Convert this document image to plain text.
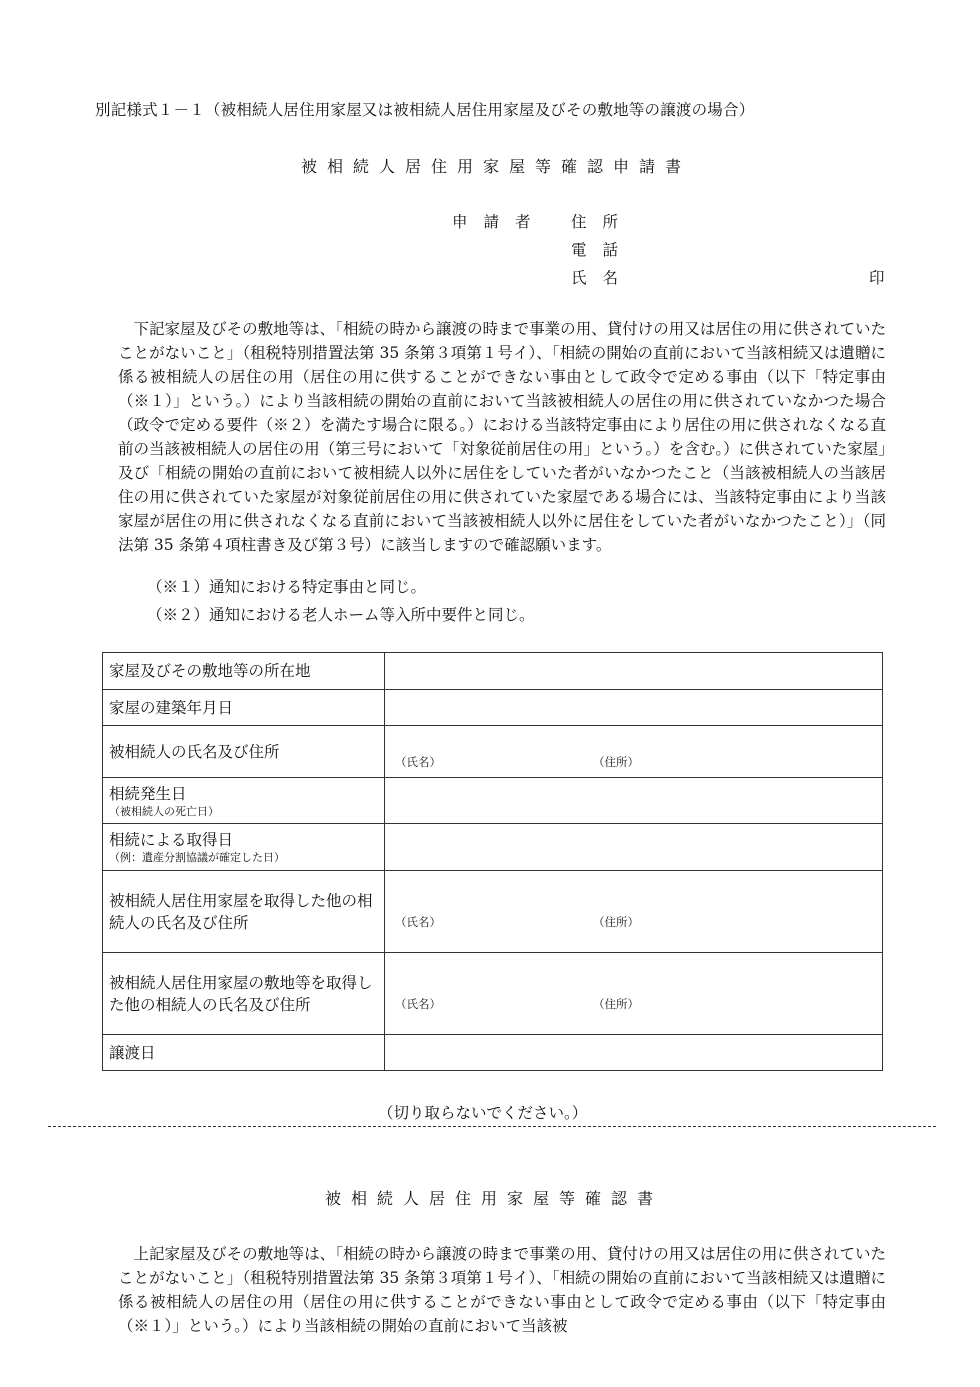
別記様式１－１（被相続人居住用家屋又は被相続人居住用家屋及びその敷地等の譲渡の場合）
被相続人居住用家屋等確認申請書
申請者 住所
電話
氏名	印

下記家屋及びその敷地等は、「相続の時から譲渡の時まで事業の用、貸付けの用又は居住の用に供されていたことがないこと」（租税特別措置法第 35 条第３項第１号イ）、「相続の開始の直前において当該相続又は遺贈に係る被相続人の居住の用（居住の用に供することができない事由として政令で定める事由（以下「特定事由（※１）」という。）により当該相続の開始の直前において当該被相続人の居住の用に供されていなかつた場合（政令で定める要件（※２）を満たす場合に限る。）における当該特定事由により居住の用に供されなくなる直前の当該被相続人の居住の用（第三号において「対象従前居住の用」という。）を含む。）に供されていた家屋」及び「相続の開始の直前において被相続人以外に居住をしていた者がいなかつたこと（当該被相続人の当該居住の用に供されていた家屋が対象従前居住の用に供されていた家屋である場合には、当該特定事由により当該家屋が居住の用に供されなくなる直前において当該被相続人以外に居住をしていた者がいなかつたこと）」（同法第 35 条第４項柱書き及び第３号）に該当しますので確認願います。

（※１）通知における特定事由と同じ。
（※２）通知における老人ホーム等入所中要件と同じ。
家屋及びその敷地等の所在地	
家屋の建築年月日	
被相続人の氏名及び住所	（氏名） （住所）

相続発生日
（被相続人の死亡日）	

相続による取得日
（例：遺産分割協議が確定した日）	

被相続人居住用家屋を取得した他の相続人の氏名及び住所	（氏名） （住所）

被相続人居住用家屋の敷地等を取得した他の相続人の氏名及び住所	（氏名） （住所）

譲渡日	
（切り取らないでください。）
被相続人居住用家屋等確認書

上記家屋及びその敷地等は、「相続の時から譲渡の時まで事業の用、貸付けの用又は居住の用に供されていたことがないこと」（租税特別措置法第 35 条第３項第１号イ）、「相続の開始の直前において当該相続又は遺贈に係る被相続人の居住の用（居住の用に供することができない事由として政令で定める事由（以下「特定事由（※１）」という。）により当該相続の開始の直前において当該被
